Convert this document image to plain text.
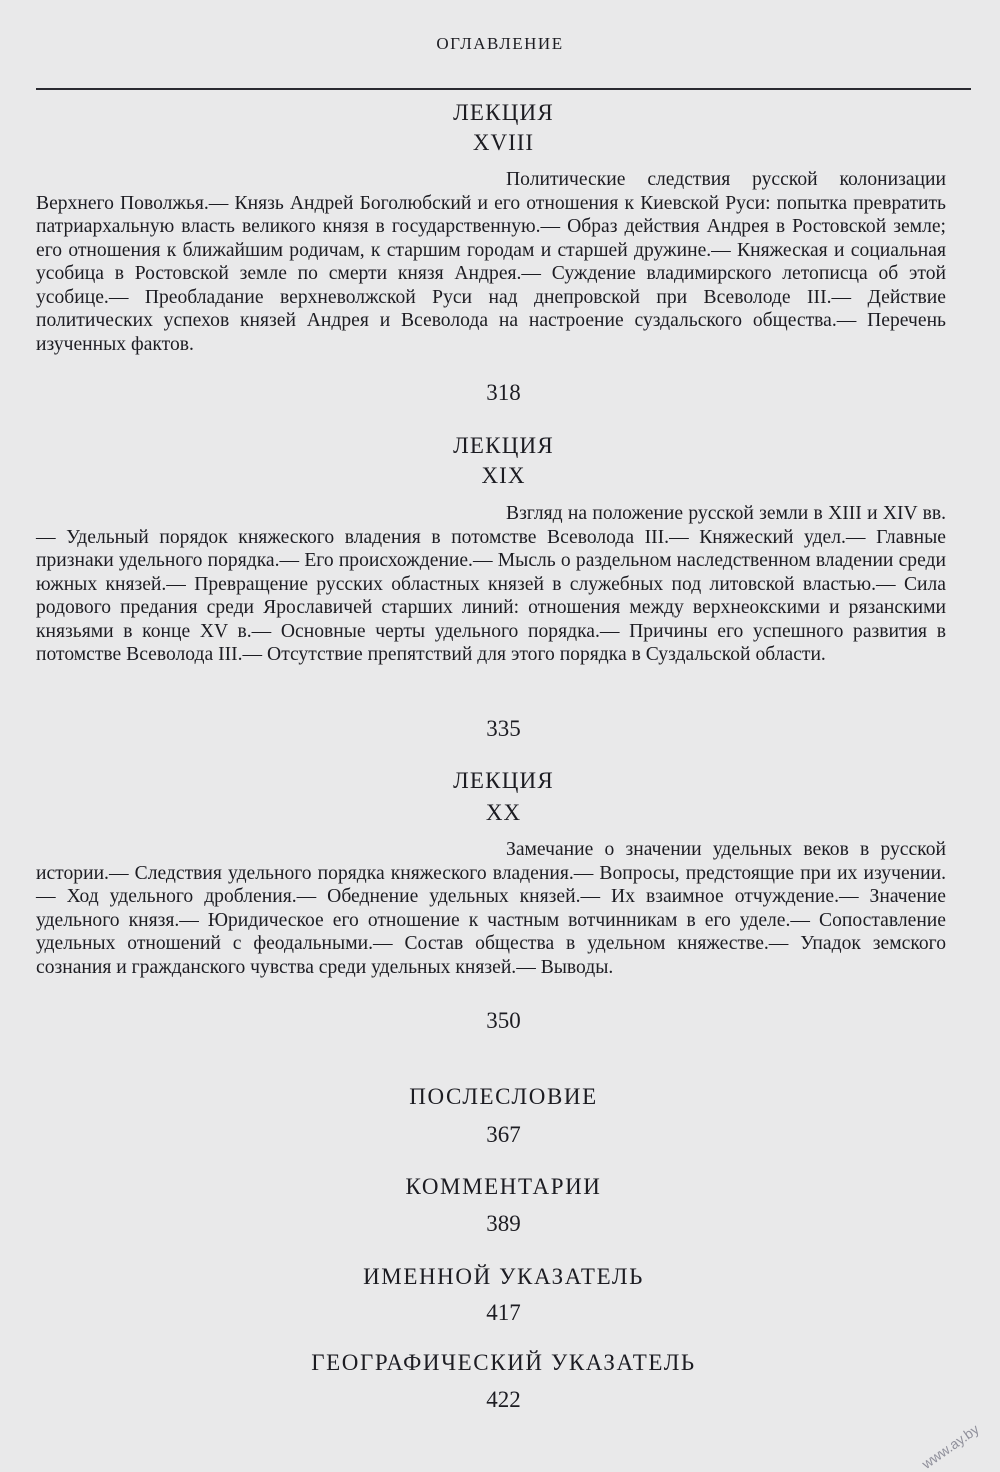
ОГЛАВЛЕНИЕ
ЛЕКЦИЯ
XVIII

Политические следствия русской колонизации Верхнего Поволжья.— Князь Андрей Боголюбский и его отношения к Киевской Руси: попытка превратить патриархальную власть великого князя в государственную.— Образ действия Андрея в Ростовской земле; его отношения к ближайшим родичам, к старшим городам и старшей дружине.— Княжеская и социальная усобица в Ростовской земле по смерти князя Андрея.— Суждение владимирского летописца об этой усобице.— Преобладание верхневолжской Руси над днепровской при Всеволоде III.— Действие политических успехов князей Андрея и Всеволода на настроение суздальского общества.— Перечень изученных фактов.

318
ЛЕКЦИЯ
XIX

Взгляд на положение русской земли в XIII и XIV вв.— Удельный порядок княжеского владения в потомстве Всеволода III.— Княжеский удел.— Главные признаки удельного порядка.— Его происхождение.— Мысль о раздельном наследственном владении среди южных князей.— Превращение русских областных князей в служебных под литовской властью.— Сила родового предания среди Ярославичей старших линий: отношения между верхнеокскими и рязанскими князьями в конце XV в.— Основные черты удельного порядка.— Причины его успешного развития в потомстве Всеволода III.— Отсутствие препятствий для этого порядка в Суздальской области.

335
ЛЕКЦИЯ
XX

Замечание о значении удельных веков в русской истории.— Следствия удельного порядка княжеского владения.— Вопросы, предстоящие при их изучении.— Ход удельного дробления.— Обеднение удельных князей.— Их взаимное отчуждение.— Значение удельного князя.— Юридическое его отношение к частным вотчинникам в его уделе.— Сопоставление удельных отношений с феодальными.— Состав общества в удельном княжестве.— Упадок земского сознания и гражданского чувства среди удельных князей.— Выводы.

350
ПОСЛЕСЛОВИЕ
367
КОММЕНТАРИИ
389
ИМЕННОЙ УКАЗАТЕЛЬ
417
ГЕОГРАФИЧЕСКИЙ УКАЗАТЕЛЬ
422
www.ay.by
